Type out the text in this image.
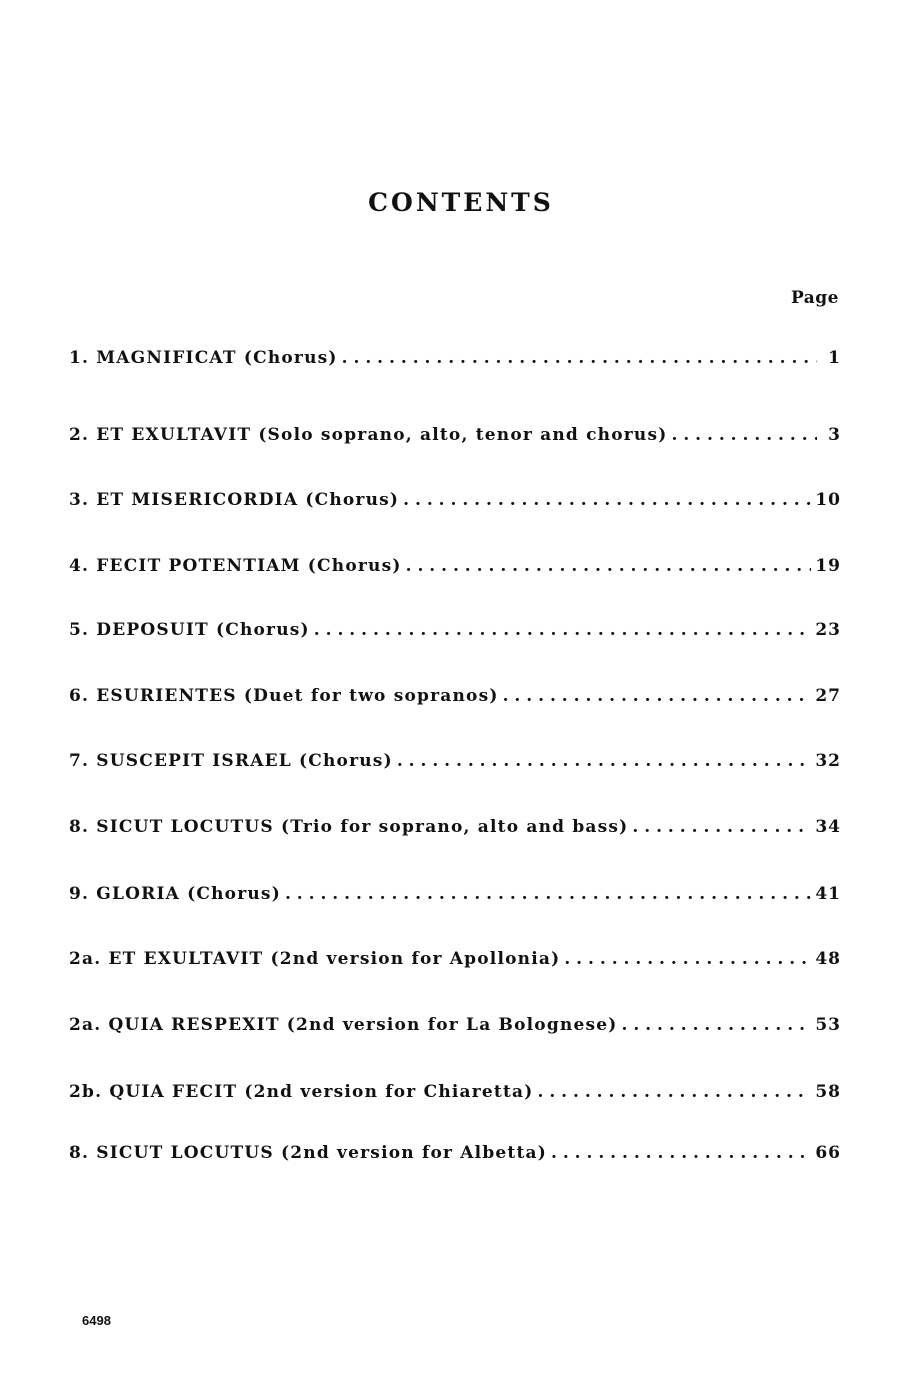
CONTENTS
Page
1. MAGNIFICAT (Chorus) . . .	1
2. ET EXULTAVIT (Solo soprano, alto, tenor and chorus) . . .	3
3. ET MISERICORDIA (Chorus) . . .	10
4. FECIT POTENTIAM (Chorus) . . .	19
5. DEPOSUIT (Chorus) . . .	23
6. ESURIENTES (Duet for two sopranos) . . .	27
7. SUSCEPIT ISRAEL (Chorus) . . .	32
8. SICUT LOCUTUS (Trio for soprano, alto and bass) . . .	34
9. GLORIA (Chorus) . . .	41
2a. ET EXULTAVIT (2nd version for Apollonia) . . .	48
2a. QUIA RESPEXIT (2nd version for La Bolognese) . . .	53
2b. QUIA FECIT (2nd version for Chiaretta) . . .	58
8. SICUT LOCUTUS (2nd version for Albetta) . . .	66
6498
